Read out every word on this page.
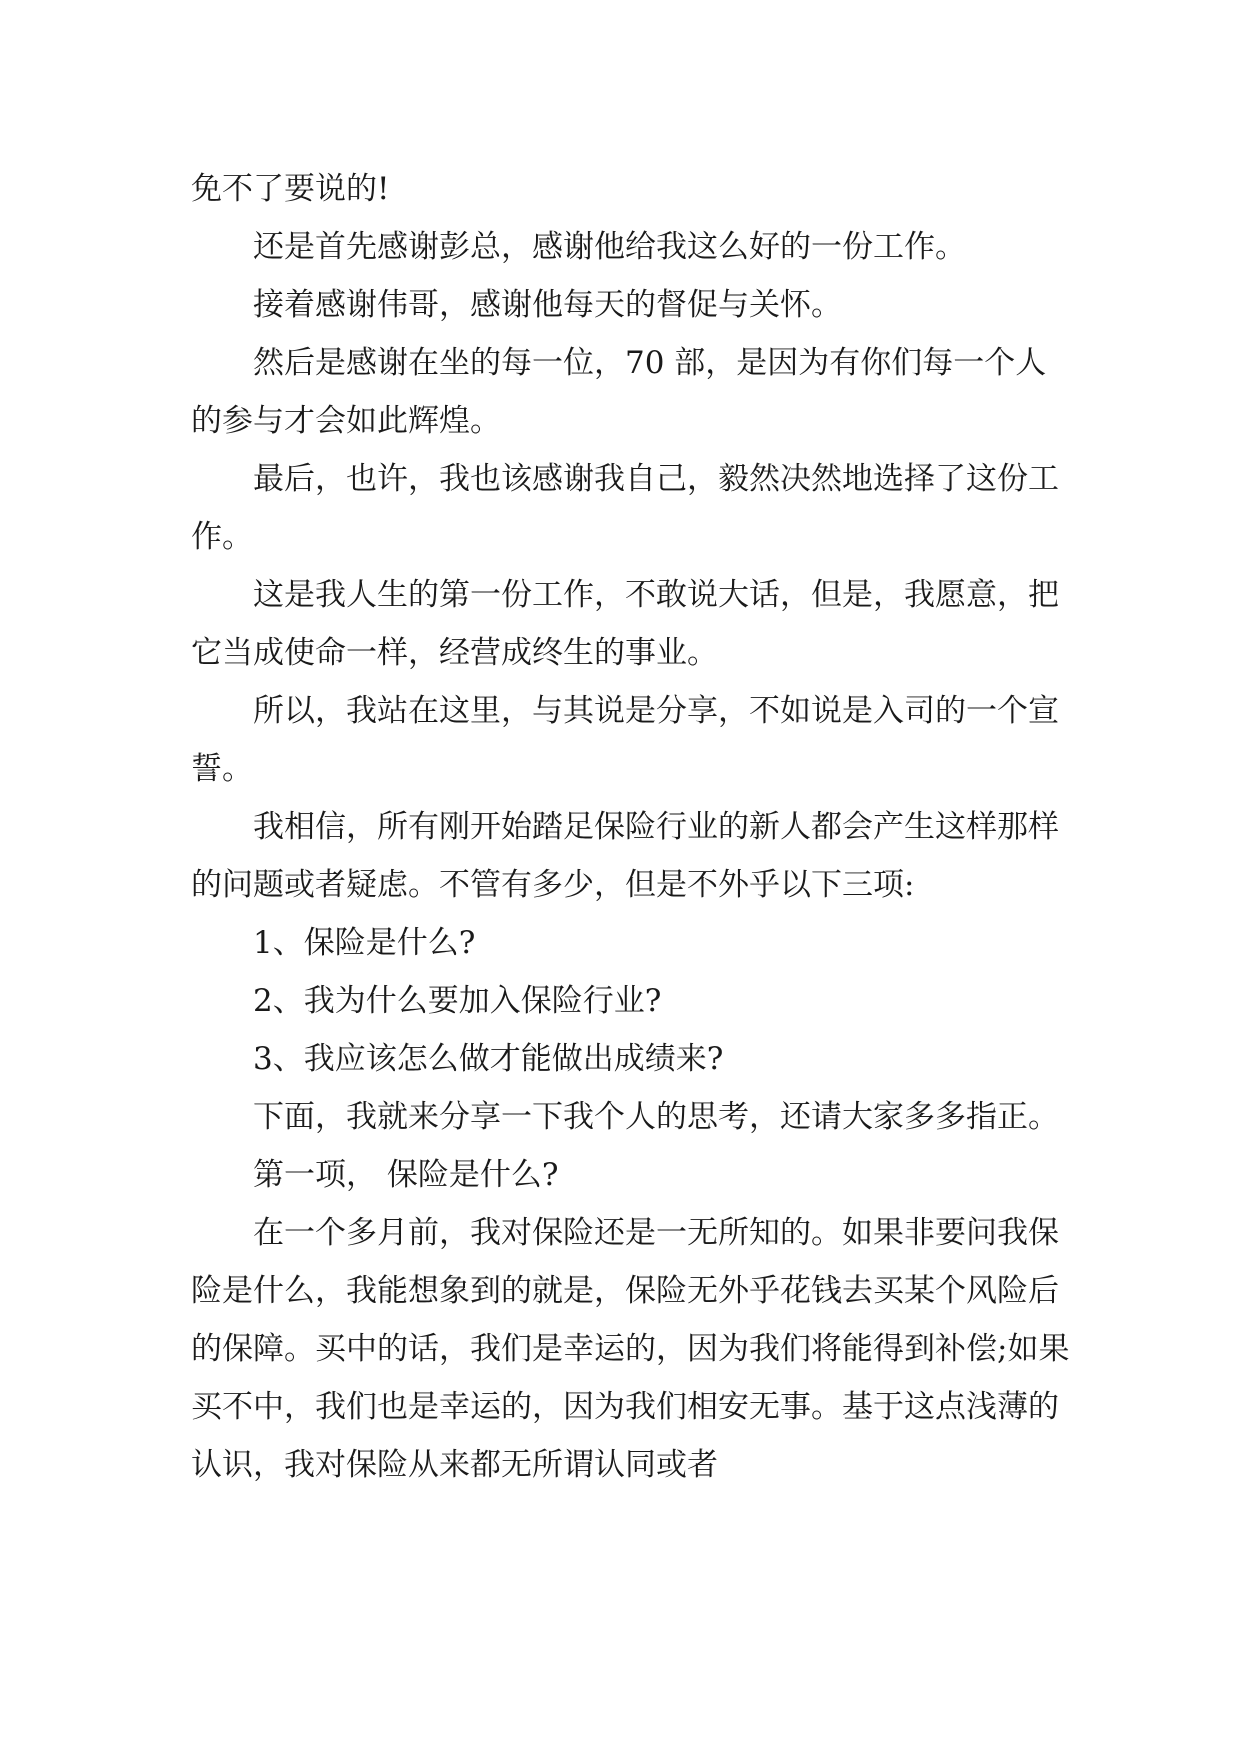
免不了要说的!

还是首先感谢彭总，感谢他给我这么好的一份工作。

接着感谢伟哥，感谢他每天的督促与关怀。

然后是感谢在坐的每一位，70 部，是因为有你们每一个人的参与才会如此辉煌。

最后，也许，我也该感谢我自己，毅然决然地选择了这份工作。

这是我人生的第一份工作，不敢说大话，但是，我愿意，把它当成使命一样，经营成终生的事业。

所以，我站在这里，与其说是分享，不如说是入司的一个宣誓。

我相信，所有刚开始踏足保险行业的新人都会产生这样那样的问题或者疑虑。不管有多少，但是不外乎以下三项:

1、保险是什么?

2、我为什么要加入保险行业?

3、我应该怎么做才能做出成绩来?

下面，我就来分享一下我个人的思考，还请大家多多指正。

第一项， 保险是什么?

在一个多月前，我对保险还是一无所知的。如果非要问我保险是什么，我能想象到的就是，保险无外乎花钱去买某个风险后的保障。买中的话，我们是幸运的，因为我们将能得到补偿;如果买不中，我们也是幸运的，因为我们相安无事。基于这点浅薄的认识，我对保险从来都无所谓认同或者
